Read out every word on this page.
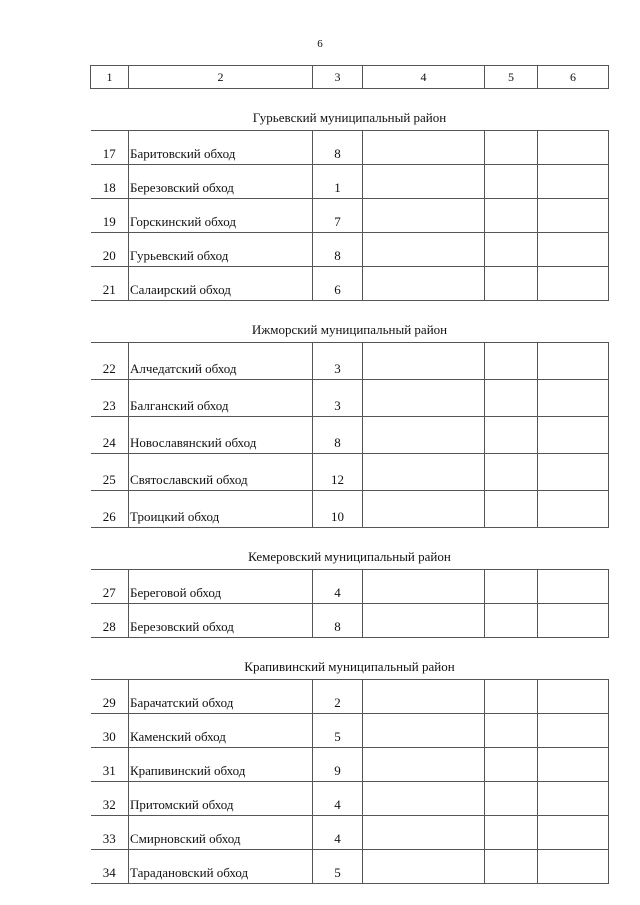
6
1	2	3	4	5	6
Гурьевский муниципальный район					
17	Баритовский обход	8			
18	Березовский обход	1			
19	Горскинский обход	7			
20	Гурьевский обход	8			
21	Салаирский обход	6			
Ижморский муниципальный район					
22	Алчедатский обход	3			
23	Балганский обход	3			
24	Новославянский обход	8			
25	Святославский обход	12			
26	Троицкий обход	10			
Кемеровский муниципальный район					
27	Береговой обход	4			
28	Березовский обход	8			
Крапивинский муниципальный район					
29	Барачатский обход	2			
30	Каменский обход	5			
31	Крапивинский обход	9			
32	Притомский обход	4			
33	Смирновский обход	4			
34	Тарадановский обход	5			
